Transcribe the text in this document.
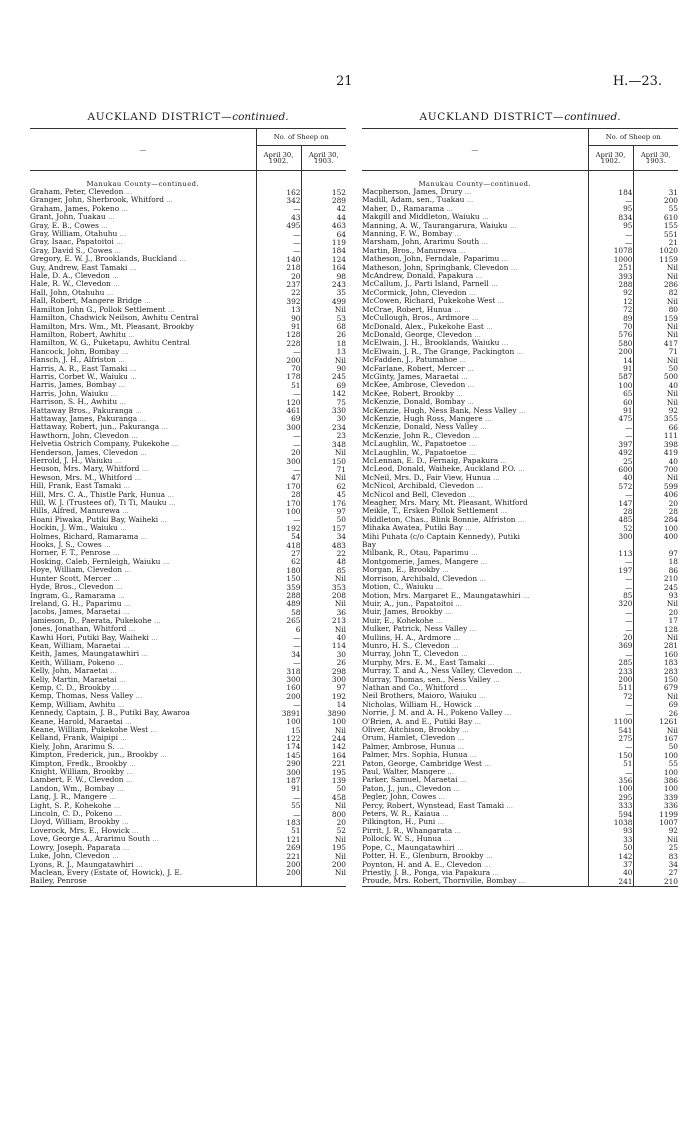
21	H.—23.
AUCKLAND DISTRICT—continued.
—	No. of Sheep on	
	April 30, 1902.	April 30, 1903.

Manukau County—continued.		
Graham, Peter, Clevedon …	162	152
Granger, John, Sherbrook, Whitford …	342	289
Graham, James, Pokeno …	—	42
Grant, John, Tuakau …	43	44
Gray, E. B., Cowes …	495	463
Gray, William, Otahuhu …	—	64
Gray, Isaac, Papatoitoi …	—	119
Gray, David S., Cowes …	—	184
Gregory, E. W. J., Brooklands, Buckland …	140	124
Guy, Andrew, East Tamaki …	218	164
Hale, D. A., Clevedon …	20	98
Hale, R. W., Clevedon …	237	243
Hall, John, Otahuhu …	22	35
Hall, Robert, Mangere Bridge …	392	499
Hamilton John G., Pollok Settlement …	13	Nil
Hamilton, Chadwick Neilson, Awhitu Central	90	53
Hamilton, Mrs. Wm., Mt. Pleasant, Brookby	91	68
Hamilton, Robert, Awhitu …	128	26
Hamilton, W. G., Puketapu, Awhitu Central	228	18
Hancock, John, Bombay …	—	13
Hansch, J. H., Alfriston …	200	Nil
Harris, A. R., East Tamaki …	70	90
Harris, Corbet W., Waiuku …	178	245
Harris, James, Bombay …	51	69
Harris, John, Waiuku …	—	142
Harrison, S. H., Awhitu …	120	75
Hattaway Bros., Pakuranga …	461	330
Hattaway, James, Pakuranga …	69	30
Hattaway, Robert, jun., Pakuranga …	300	234
Hawthorn, John, Clevedon …	—	23
Helvetia Ostrich Company, Pukekohe …	—	348
Henderson, James, Clevedon …	20	Nil
Herrold, J. H., Waiuku …	300	150
Heuson, Mrs. Mary, Whitford …	—	71
Hewson, Mrs. M., Whitford …	47	Nil
Hill, Frank, East Tamaki …	170	62
Hill, Mrs. C. A., Thistle Park, Hunua …	28	45
Hill, W. J. (Trustees of), Ti Ti, Mauku …	170	176
Hills, Alfred, Manurewa …	100	97
Hoani Piwaka, Putiki Bay, Waiheki …	—	50
Hockin, J. Wm., Waiuku …	192	157
Holmes, Richard, Ramarama …	54	34
Hooks, J. S., Cowes …	418	483
Horner, F. T., Penrose …	27	22
Hosking, Caleb, Fernleigh, Waiuku …	62	48
Hoye, William, Clevedon …	180	85
Hunter Scott, Mercer …	150	Nil
Hyde, Bros., Clevedon …	359	353
Ingram, G., Ramarama …	288	208
Ireland, G. H., Paparimu …	489	Nil
Jacobs, James, Maraetai …	58	36
Jamieson, D., Paerata, Pukekohe …	265	213
Jones, Jonathan, Whitford …	6	Nil
Kawhi Hori, Putiki Bay, Waiheki …	—	40
Kean, William, Maraetai …	—	114
Keith, James, Maungatawhiri …	34	30
Keith, William, Pokeno …	—	26
Kelly, John, Maraetai …	318	298
Kelly, Martin, Maraetai …	300	300
Kemp, C. D., Brookby …	160	97
Kemp, Thomas, Ness Valley …	200	192
Kemp, William, Awhitu …	—	14
Kennedy, Captain, J. B., Putiki Bay, Awaroa	3891	3890
Keane, Harold, Maraetai …	100	100
Keane, William, Pukekohe West …	15	Nil
Kelland, Frank, Waipipi …	122	244
Kiely, John, Ararimu S. …	174	142
Kimpton, Frederick, jun., Brookby …	145	164
Kimpton, Fredk., Brookby …	290	221
Knight, William, Brookby …	300	195
Lambert, F. W., Clevedon …	187	139
Landon, Wm., Bombay …	91	50
Lang, J. R., Mangere …	—	458
Light, S. P., Kohekohe …	55	Nil
Lincoln, C. D., Pokeno …	—	800
Lloyd, William, Brookby …	183	20
Loverock, Mrs. E., Howick …	51	52
Love, George A., Ararimu South …	121	Nil
Lowry, Joseph, Paparata …	269	195
Luke, John, Clevedon …	221	Nil
Lyons, R. J., Maungatawhiri …	200	200
Maclean, Every (Estate of, Howick), J. E.	200	Nil
Bailey, Penrose		
AUCKLAND DISTRICT—continued.
—	No. of Sheep on	
	April 30, 1902.	April 30, 1903.

Manukau County—continued.		
Macpherson, James, Drury …	184	31
Madill, Adam, sen., Tuakau …	—	200
Maher, D., Ramarama …	95	55
Makgill and Middleton, Waiuku …	834	610
Manning, A. W., Taurangarura, Waiuku …	95	155
Manning, F. W., Bombay …	—	551
Marsham, John, Ararimu South …	—	21
Martin, Bros., Manurewa …	1078	1020
Matheson, John, Ferndale, Paparimu …	1000	1159
Matheson, John, Springbank, Clevedon …	251	Nil
McAndrew, Donald, Papakura …	393	Nil
McCallum, J., Parti Island, Parnell …	288	286
McCormick, John, Clevedon …	92	82
McCowen, Richard, Pukekohe West …	12	Nil
McCrae, Robert, Hunua …	72	80
McCullough, Bros., Ardmore …	89	159
McDonald, Alex., Pukekohe East …	70	Nil
McDonald, George, Clevedon …	576	Nil
McElwain, J. H., Brooklands, Waiuku …	580	417
McElwain, J. R., The Grange, Packington …	200	71
McFadden, J., Patumahoe …	14	Nil
McFarlane, Robert, Mercer …	91	50
McGinty, James, Maraetai …	587	500
McKee, Ambrose, Clevedon …	100	40
McKee, Robert, Brookby …	65	Nil
McKenzie, Donald, Bombay …	60	Nil
McKenzie, Hugh, Ness Bank, Ness Valley …	91	92
McKenzie, Hugh Ross, Mangere …	475	355
McKenzie, Donald, Ness Valley …	—	66
McKenzie, John R., Clevedon …	—	111
McLaughlin, W., Papatoetoe …	397	398
McLaughlin, W., Papatoetoe …	492	419
McLennan, E. D., Fernaig, Papakura …	25	40
McLeod, Donald, Waiheke, Auckland P.O. …	600	700
McNeil, Mrs. D., Fair View, Hunua …	40	Nil
McNicol, Archibald, Clevedon …	572	599
McNicol and Bell, Clevedon …	—	406
Meagher, Mrs. Mary, Mt. Pleasant, Whitford	147	20
Meikle, T., Ersken Pollok Settlement …	28	28
Middleton, Chas., Blink Bonnie, Alfriston …	485	284
Mihaka Awatea, Putiki Bay …	52	100
Mihi Puhata (c/o Captain Kennedy), Putiki	300	400
Bay		
Milbank, R., Otau, Paparimu …	113	97
Montgomerie, James, Mangere …	—	18
Morgan, E., Brookby …	197	86
Morrison, Archibald, Clevedon …	—	210
Motion, C., Waiuku …	—	245
Motion, Mrs. Margaret E., Maungatawhiri …	85	93
Muir, A., jun., Papatoitoi …	320	Nil
Muir, James, Brookby …	—	20
Muir, E., Kohekohe …	—	17
Mulker, Patrick, Ness Valley …	—	128
Mullins, H. A., Ardmore …	20	Nil
Munro, H. S., Clevedon …	369	281
Murray, John T., Clevedon …	—	160
Murphy, Mrs. E. M., East Tamaki …	285	183
Murray, T. and A., Ness Valley, Clevedon …	233	283
Murray, Thomas, sen., Ness Valley …	200	150
Nathan and Co., Whitford …	511	679
Neil Brothers, Maioro, Waiuku …	72	Nil
Nicholas, William H., Howick …	—	69
Norrie, J. M. and A. H., Pokeno Valley …	—	26
O'Brien, A. and E., Putiki Bay …	1100	1261
Oliver, Aitchison, Brookby …	541	Nil
Orum, Hamlet, Clevedon …	275	167
Palmer, Ambrose, Hunua …	—	50
Palmer, Mrs. Sophia, Hunua …	150	100
Paton, George, Cambridge West …	51	55
Paul, Walter, Mangere …	—	100
Parker, Samuel, Maraetai …	356	386
Paton, J., jun., Clevedon …	100	100
Pegler, John, Cowes …	295	339
Percy, Robert, Wynstead, East Tamaki …	333	336
Peters, W. R., Kaiaua …	594	1199
Pilkington, H., Puni …	1038	1007
Pirrit, J. R., Whangarata …	93	92
Pollock, W. S., Hunua …	33	Nil
Pope, C., Maungatawhiri …	50	25
Potter, H. E., Glenburn, Brookby …	142	83
Poynton, H. and A. E., Clevedon …	37	34
Priestly, J. B., Ponga, via Papakura …	40	27
Proude, Mrs. Robert, Thornville, Bombay …	241	210
